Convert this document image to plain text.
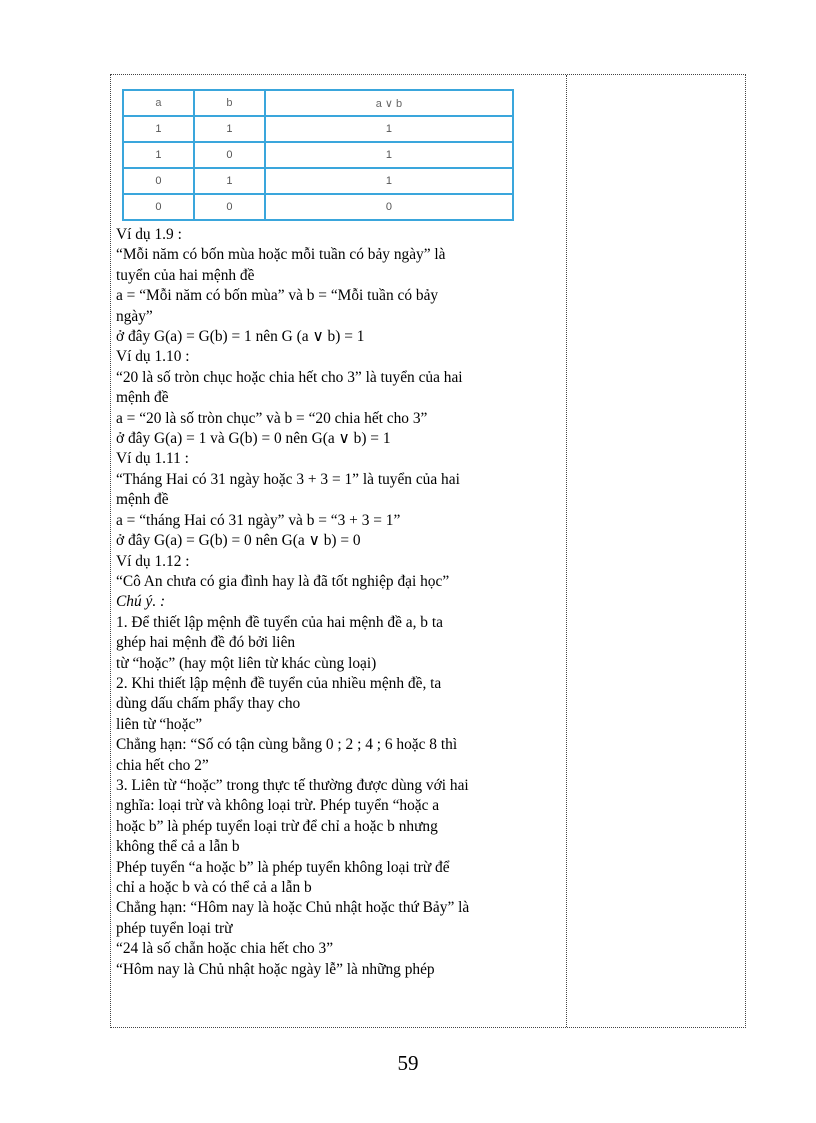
a	b	a ∨ b
1	1	1
1	0	1
0	1	1
0	0	0
Ví dụ 1.9 :
“Mỗi năm có bốn mùa hoặc mỗi tuần có bảy ngày” là
tuyển của hai mệnh đề
a = “Mỗi năm có bốn mùa” và b = “Mỗi tuần có bảy
ngày”
ở đây G(a) = G(b) = 1 nên G (a ∨ b) = 1
Ví dụ 1.10 :
“20 là số tròn chục hoặc chia hết cho 3” là tuyển của hai
mệnh đề
a = “20 là số tròn chục” và b = “20 chia hết cho 3”
ở đây G(a) = 1 và G(b) = 0 nên G(a ∨ b) = 1
Ví dụ 1.11 :
“Tháng Hai có 31 ngày hoặc 3 + 3 = 1” là tuyển của hai
mệnh đề
a = “tháng Hai có 31 ngày” và b = “3 + 3 = 1”
ở đây G(a) = G(b) = 0 nên G(a ∨ b) = 0
Ví dụ 1.12 :
“Cô An chưa có gia đình hay là đã tốt nghiệp đại học”
Chú ý. :
1. Để thiết lập mệnh đề tuyển của hai mệnh đề a, b ta
ghép hai mệnh đề đó bởi liên
từ “hoặc” (hay một liên từ khác cùng loại)
2. Khi thiết lập mệnh đề tuyển của nhiều mệnh đề, ta
dùng dấu chấm phẩy thay cho
liên từ “hoặc”
Chẳng hạn: “Số có tận cùng bằng 0 ; 2 ; 4 ; 6 hoặc 8 thì
chia hết cho 2”
3. Liên từ “hoặc” trong thực tế thường được dùng với hai
nghĩa: loại trừ và không loại trừ. Phép tuyển “hoặc a
hoặc b” là phép tuyển loại trừ để chỉ a hoặc b nhưng
không thể cả a lẫn b
Phép tuyển “a hoặc b” là phép tuyển không loại trừ để
chỉ a hoặc b và có thể cả a lẫn b
Chẳng hạn: “Hôm nay là hoặc Chủ nhật hoặc thứ Bảy” là
phép tuyển loại trừ
“24 là số chẵn hoặc chia hết cho 3”
“Hôm nay là Chủ nhật hoặc ngày lễ” là những phép
59
